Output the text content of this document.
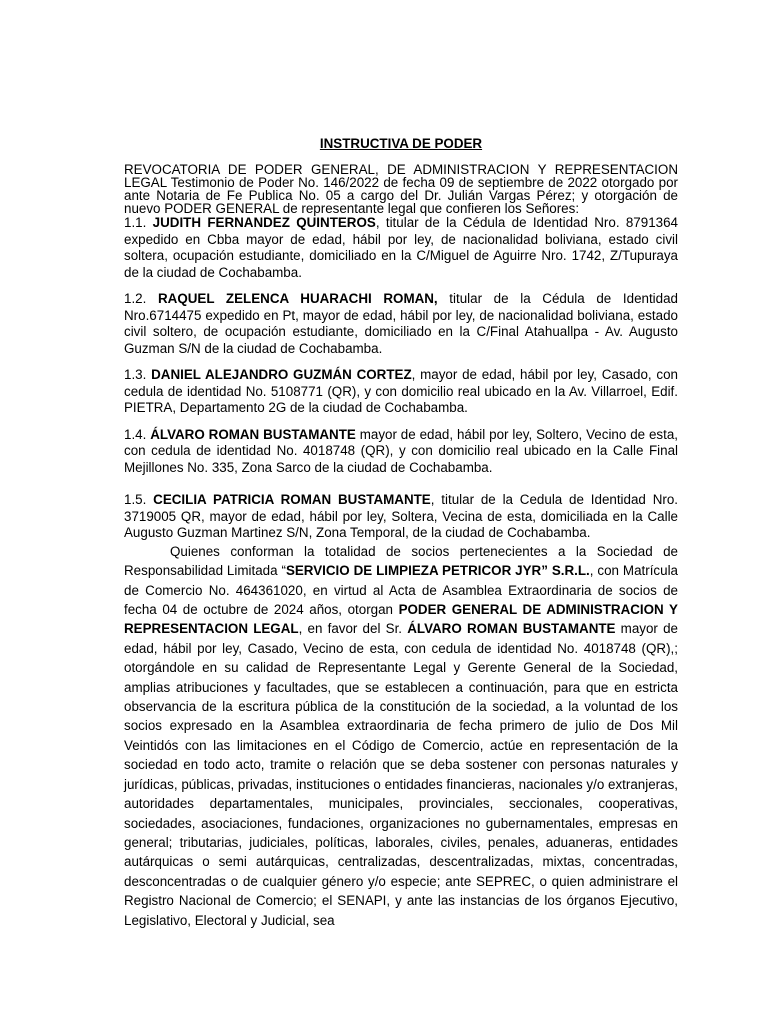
INSTRUCTIVA DE PODER

REVOCATORIA DE PODER GENERAL, DE ADMINISTRACION Y REPRESENTACION LEGAL Testimonio de Poder No. 146/2022 de fecha 09 de septiembre de 2022 otorgado por ante Notaria de Fe Publica No. 05 a cargo del Dr. Julián Vargas Pérez; y otorgación de nuevo PODER GENERAL de representante legal que confieren los Señores:

1.1. JUDITH FERNANDEZ QUINTEROS, titular de la Cédula de Identidad Nro. 8791364 expedido en Cbba mayor de edad, hábil por ley, de nacionalidad boliviana, estado civil soltera, ocupación estudiante, domiciliado en la C/Miguel de Aguirre Nro. 1742, Z/Tupuraya de la ciudad de Cochabamba.

1.2. RAQUEL ZELENCA HUARACHI ROMAN, titular de la Cédula de Identidad Nro.6714475 expedido en Pt, mayor de edad, hábil por ley, de nacionalidad boliviana, estado civil soltero, de ocupación estudiante, domiciliado en la C/Final Atahuallpa - Av. Augusto Guzman S/N de la ciudad de Cochabamba.

1.3. DANIEL ALEJANDRO GUZMÁN CORTEZ, mayor de edad, hábil por ley, Casado, con cedula de identidad No. 5108771 (QR), y con domicilio real ubicado en la Av. Villarroel, Edif. PIETRA, Departamento 2G de la ciudad de Cochabamba.

1.4. ÁLVARO ROMAN BUSTAMANTE mayor de edad, hábil por ley, Soltero, Vecino de esta, con cedula de identidad No. 4018748 (QR), y con domicilio real ubicado en la Calle Final Mejillones No. 335, Zona Sarco de la ciudad de Cochabamba.

1.5. CECILIA PATRICIA ROMAN BUSTAMANTE, titular de la Cedula de Identidad Nro. 3719005 QR, mayor de edad, hábil por ley, Soltera, Vecina de esta, domiciliada en la Calle Augusto Guzman Martinez S/N, Zona Temporal, de la ciudad de Cochabamba.

Quienes conforman la totalidad de socios pertenecientes a la Sociedad de Responsabilidad Limitada “SERVICIO DE LIMPIEZA PETRICOR JYR” S.R.L., con Matrícula de Comercio No. 464361020, en virtud al Acta de Asamblea Extraordinaria de socios de fecha 04 de octubre de 2024 años, otorgan PODER GENERAL DE ADMINISTRACION Y REPRESENTACION LEGAL, en favor del Sr. ÁLVARO ROMAN BUSTAMANTE mayor de edad, hábil por ley, Casado, Vecino de esta, con cedula de identidad No. 4018748 (QR),; otorgándole en su calidad de Representante Legal y Gerente General de la Sociedad, amplias atribuciones y facultades, que se establecen a continuación, para que en estricta observancia de la escritura pública de la constitución de la sociedad, a la voluntad de los socios expresado en la Asamblea extraordinaria de fecha primero de julio de Dos Mil Veintidós con las limitaciones en el Código de Comercio, actúe en representación de la sociedad en todo acto, tramite o relación que se deba sostener con personas naturales y jurídicas, públicas, privadas, instituciones o entidades financieras, nacionales y/o extranjeras, autoridades departamentales, municipales, provinciales, seccionales, cooperativas, sociedades, asociaciones, fundaciones, organizaciones no gubernamentales, empresas en general; tributarias, judiciales, políticas, laborales, civiles, penales, aduaneras, entidades autárquicas o semi autárquicas, centralizadas, descentralizadas, mixtas, concentradas, desconcentradas o de cualquier género y/o especie; ante SEPREC, o quien administrare el Registro Nacional de Comercio; el SENAPI, y ante las instancias de los órganos Ejecutivo, Legislativo, Electoral y Judicial, sea
